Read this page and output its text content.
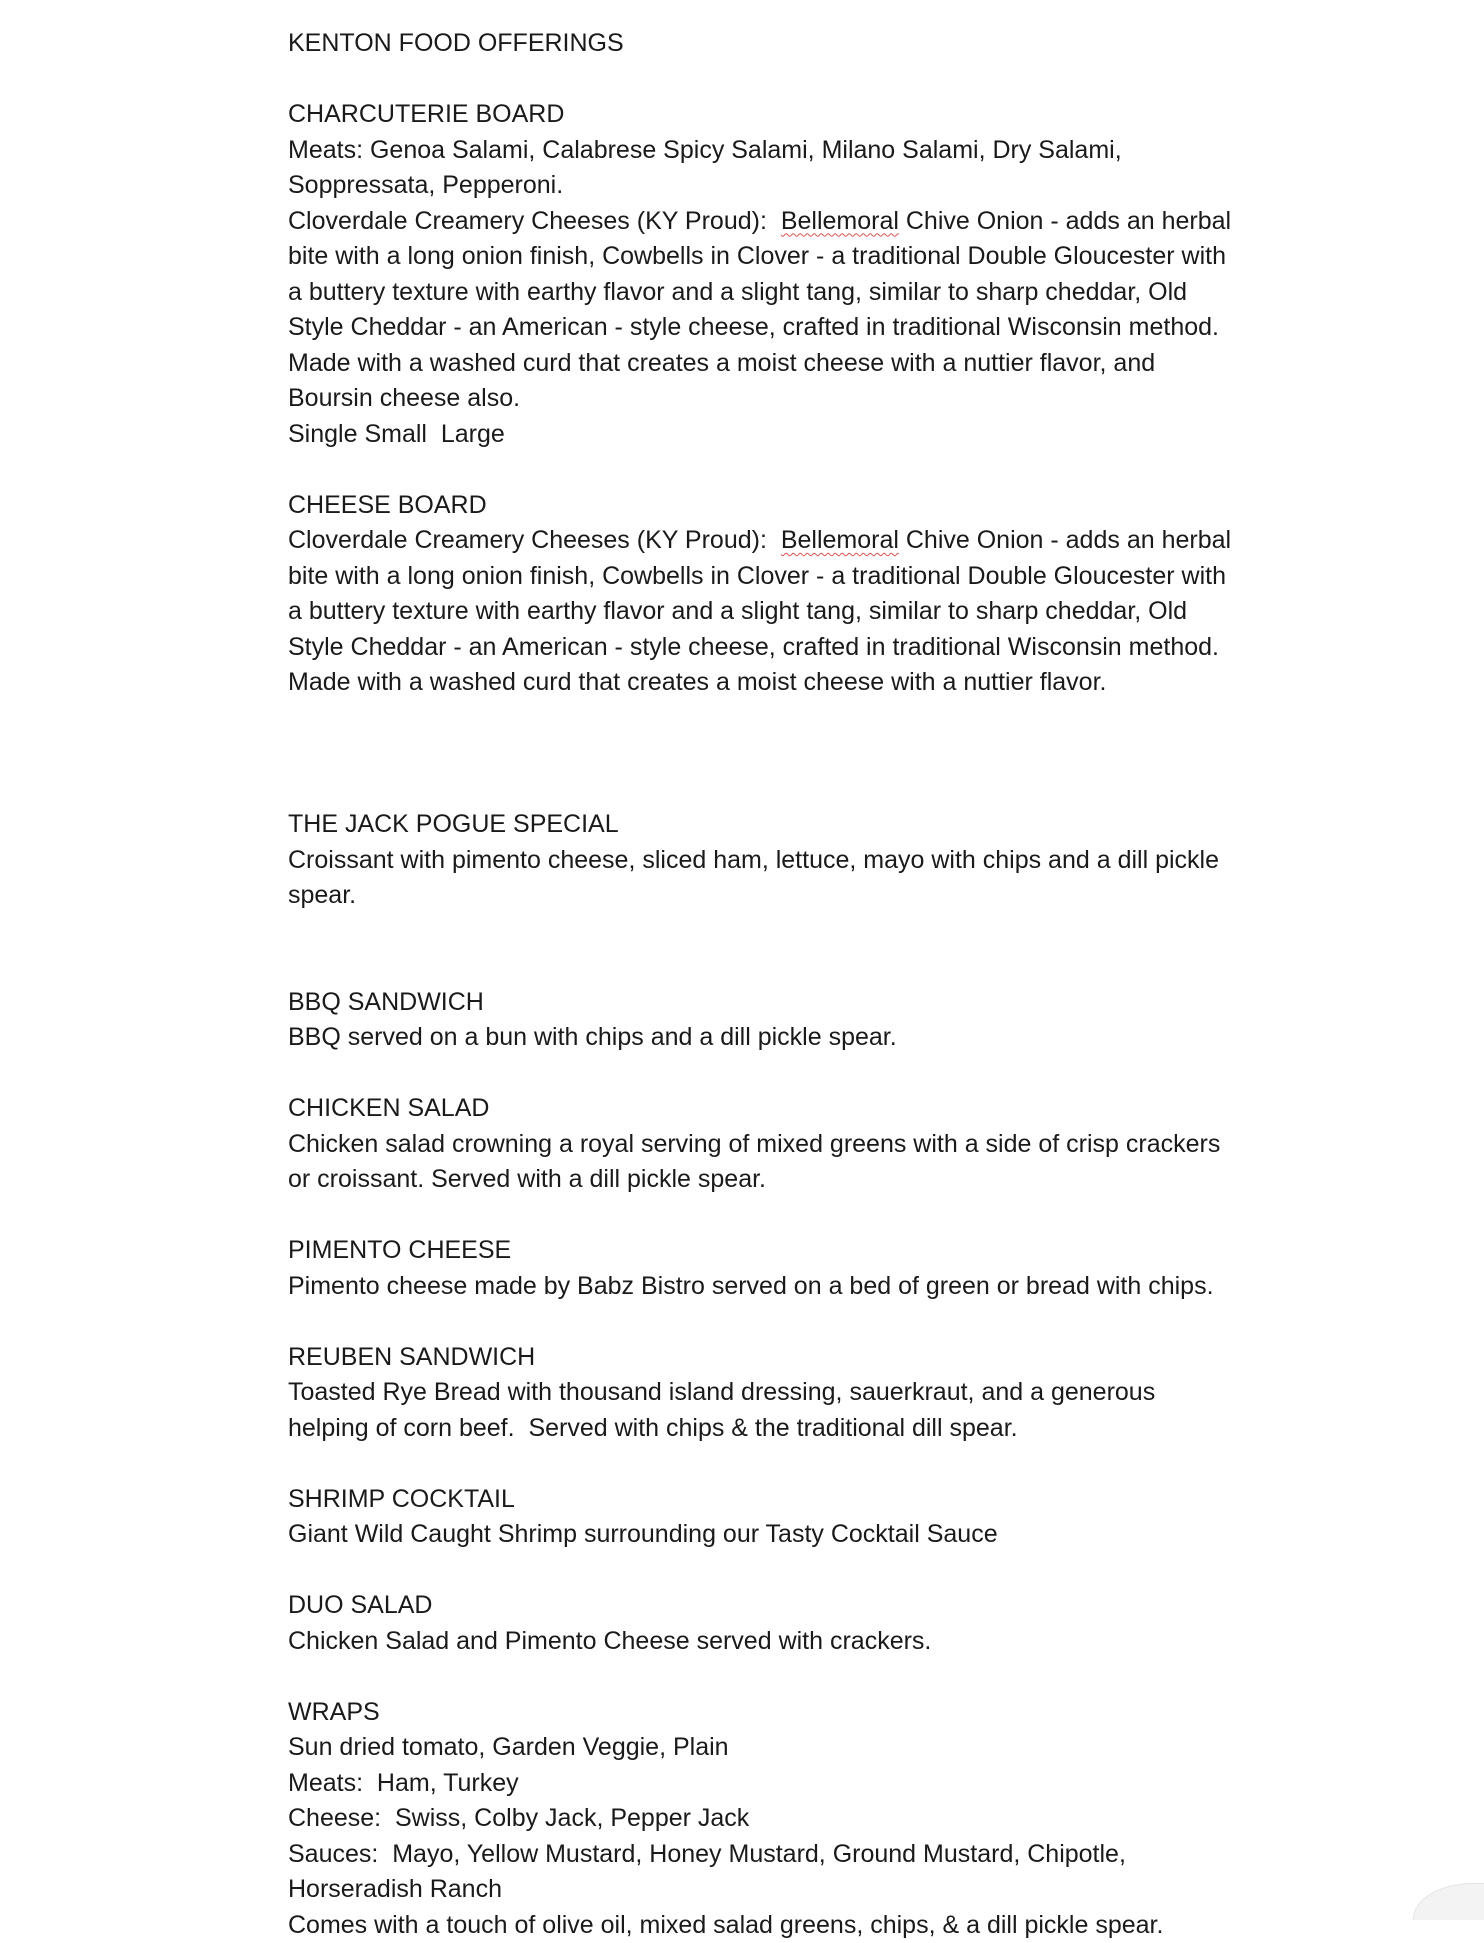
KENTON FOOD OFFERINGS
CHARCUTERIE BOARD
Meats: Genoa Salami, Calabrese Spicy Salami, Milano Salami, Dry Salami,
Soppressata, Pepperoni.
Cloverdale Creamery Cheeses (KY Proud):  Bellemoral Chive Onion - adds an herbal
bite with a long onion finish, Cowbells in Clover - a traditional Double Gloucester with
a buttery texture with earthy flavor and a slight tang, similar to sharp cheddar, Old
Style Cheddar - an American - style cheese, crafted in traditional Wisconsin method.
Made with a washed curd that creates a moist cheese with a nuttier flavor, and
Boursin cheese also.
Single Small  Large
CHEESE BOARD
Cloverdale Creamery Cheeses (KY Proud):  Bellemoral Chive Onion - adds an herbal
bite with a long onion finish, Cowbells in Clover - a traditional Double Gloucester with
a buttery texture with earthy flavor and a slight tang, similar to sharp cheddar, Old
Style Cheddar - an American - style cheese, crafted in traditional Wisconsin method.
Made with a washed curd that creates a moist cheese with a nuttier flavor.
THE JACK POGUE SPECIAL
Croissant with pimento cheese, sliced ham, lettuce, mayo with chips and a dill pickle
spear.
BBQ SANDWICH
BBQ served on a bun with chips and a dill pickle spear.
CHICKEN SALAD
Chicken salad crowning a royal serving of mixed greens with a side of crisp crackers
or croissant. Served with a dill pickle spear.
PIMENTO CHEESE
Pimento cheese made by Babz Bistro served on a bed of green or bread with chips.
REUBEN SANDWICH
Toasted Rye Bread with thousand island dressing, sauerkraut, and a generous
helping of corn beef.  Served with chips & the traditional dill spear.
SHRIMP COCKTAIL
Giant Wild Caught Shrimp surrounding our Tasty Cocktail Sauce
DUO SALAD
Chicken Salad and Pimento Cheese served with crackers.
WRAPS
Sun dried tomato, Garden Veggie, Plain
Meats:  Ham, Turkey
Cheese:  Swiss, Colby Jack, Pepper Jack
Sauces:  Mayo, Yellow Mustard, Honey Mustard, Ground Mustard, Chipotle,
Horseradish Ranch
Comes with a touch of olive oil, mixed salad greens, chips, & a dill pickle spear.
